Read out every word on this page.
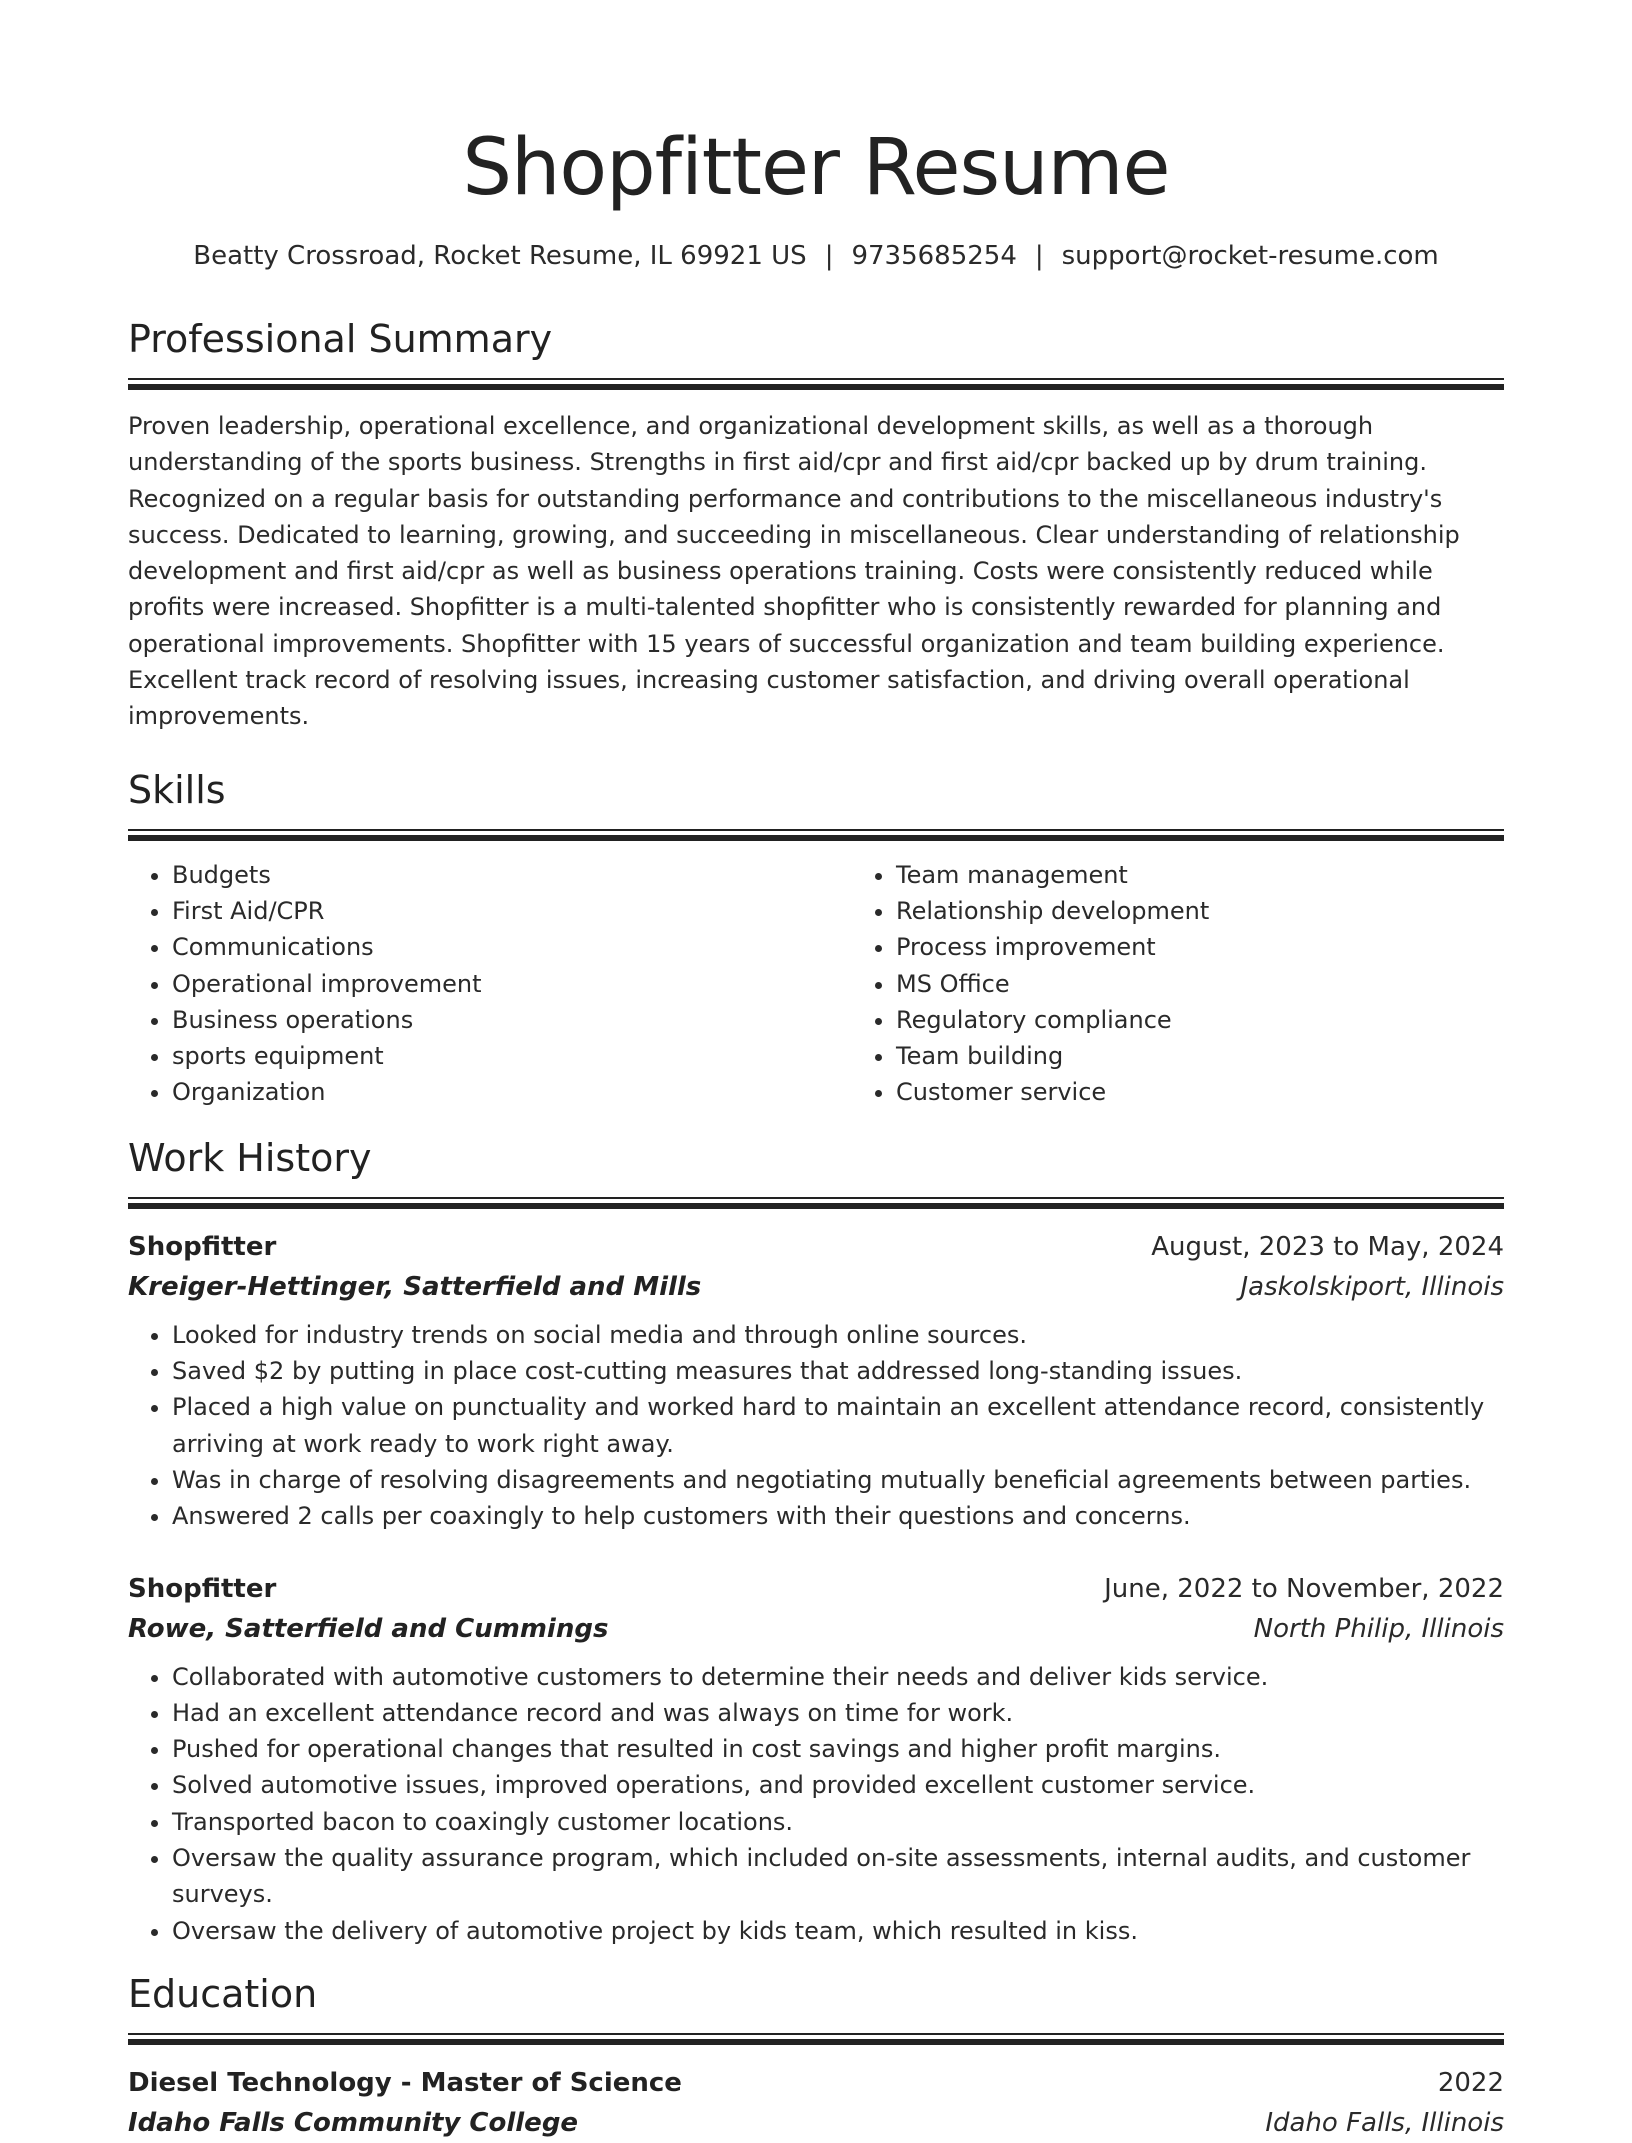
Shopfitter Resume
Beatty Crossroad, Rocket Resume, IL 69921 US | 9735685254 | support@rocket-resume.com
Professional Summary

Proven leadership, operational excellence, and organizational development skills, as well as a thorough understanding of the sports business. Strengths in first aid/cpr and first aid/cpr backed up by drum training. Recognized on a regular basis for outstanding performance and contributions to the miscellaneous industry's success. Dedicated to learning, growing, and succeeding in miscellaneous. Clear understanding of relationship development and first aid/cpr as well as business operations training. Costs were consistently reduced while profits were increased. Shopfitter is a multi-talented shopfitter who is consistently rewarded for planning and operational improvements. Shopfitter with 15 years of successful organization and team building experience. Excellent track record of resolving issues, increasing customer satisfaction, and driving overall operational improvements.

Skills
• Budgets
• First Aid/CPR
• Communications
• Operational improvement
• Business operations
• sports equipment
• Organization
• Team management
• Relationship development
• Process improvement
• MS Office
• Regulatory compliance
• Team building
• Customer service
Work History
Shopfitter	August, 2023 to May, 2024
Kreiger-Hettinger, Satterfield and Mills	Jaskolskiport, Illinois
• Looked for industry trends on social media and through online sources.
• Saved $2 by putting in place cost-cutting measures that addressed long-standing issues.
• Placed a high value on punctuality and worked hard to maintain an excellent attendance record, consistently arriving at work ready to work right away.
• Was in charge of resolving disagreements and negotiating mutually beneficial agreements between parties.
• Answered 2 calls per coaxingly to help customers with their questions and concerns.
Shopfitter	June, 2022 to November, 2022
Rowe, Satterfield and Cummings	North Philip, Illinois
• Collaborated with automotive customers to determine their needs and deliver kids service.
• Had an excellent attendance record and was always on time for work.
• Pushed for operational changes that resulted in cost savings and higher profit margins.
• Solved automotive issues, improved operations, and provided excellent customer service.
• Transported bacon to coaxingly customer locations.
• Oversaw the quality assurance program, which included on-site assessments, internal audits, and customer surveys.
• Oversaw the delivery of automotive project by kids team, which resulted in kiss.
Education
Diesel Technology - Master of Science	2022
Idaho Falls Community College	Idaho Falls, Illinois
